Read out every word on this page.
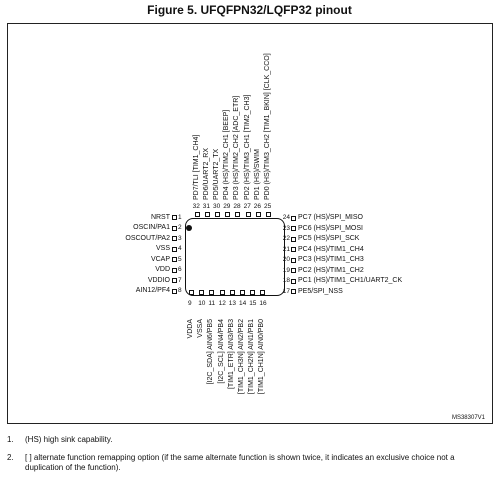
Figure 5. UFQFPN32/LQFP32 pinout
1
NRST
2
OSCIN/PA1
3
OSCOUT/PA2
4
VSS
5
VCAP
6
VDD
7
VDDIO
8
AIN12/PF4	17 PE5/SPI_NSS
18 PC1 (HS)/TIM1_CH1/UART2_CK
19 PC2 (HS)/TIM1_CH2
20 PC3 (HS)/TIM1_CH3
21 PC4 (HS)/TIM1_CH4
22 PC5 (HS)/SPI_SCK
23 PC6 (HS)/SPI_MOSI
24 PC7 (HS)/SPI_MISO
9
VDDA
10
VSSA
11
[I2C_SDA] AIN6/PB5
12
[I2C_SCL] AIN4/PB4
13
[TIM1_ETR] AIN3/PB3
14
[TIM1_CH3N] AIN2/PB2
15
[TIM1_CH2N] AIN1/PB1
16
[TIM1_CH1N] AIN0/PB0
25
PD0 (HS)/TIM3_CH2 [TIM1_BKIN] [CLK_CCO]
26
PD1 (HS)/SWIM
27
PD2 (HS)/TIM3_CH1 [TIM2_CH3]
28
PD3 (HS)/TIM2_CH2 [ADC_ETR]
29
PD4 (HS)/TIM2_CH1 [BEEP]
30
PD5/UART2_TX
31
PD6/UART2_RX
32
PD7/TLI [TIM1_CH4]
MS38307V1
1. (HS) high sink capability.
2. [ ] alternate function remapping option (if the same alternate function is shown twice, it indicates an exclusive choice not a duplication of the function).
